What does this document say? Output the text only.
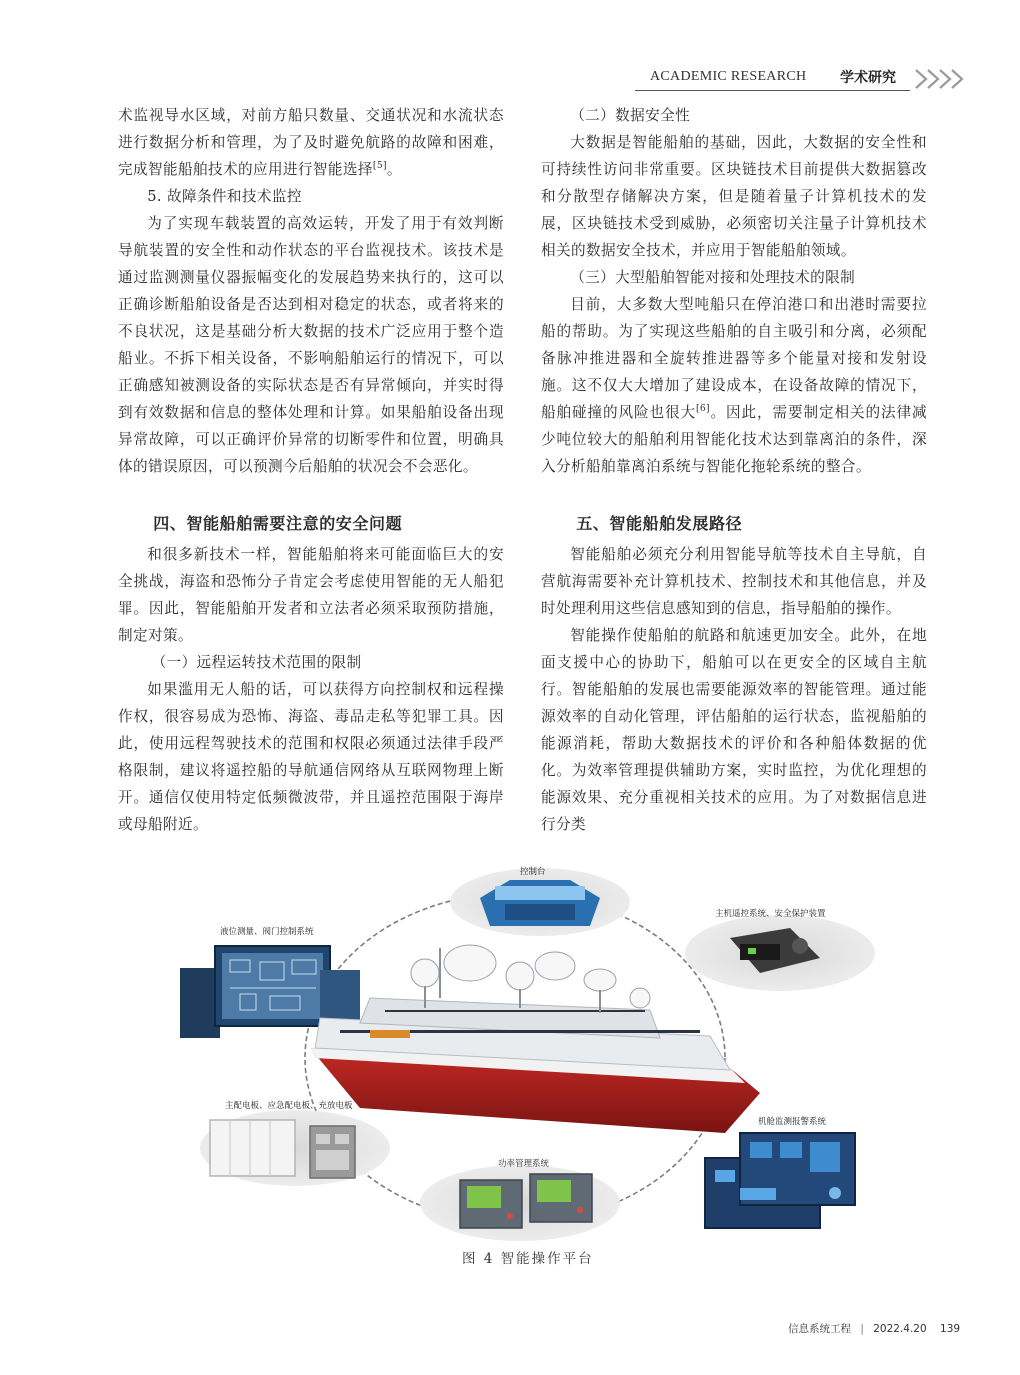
ACADEMIC RESEARCH 学术研究

术监视导水区域，对前方船只数量、交通状况和水流状态进行数据分析和管理，为了及时避免航路的故障和困难，完成智能船舶技术的应用进行智能选择[5]。

5. 故障条件和技术监控

为了实现车载装置的高效运转，开发了用于有效判断导航装置的安全性和动作状态的平台监视技术。该技术是通过监测测量仪器振幅变化的发展趋势来执行的，这可以正确诊断船舶设备是否达到相对稳定的状态，或者将来的不良状况，这是基础分析大数据的技术广泛应用于整个造船业。不拆下相关设备，不影响船舶运行的情况下，可以正确感知被测设备的实际状态是否有异常倾向，并实时得到有效数据和信息的整体处理和计算。如果船舶设备出现异常故障，可以正确评价异常的切断零件和位置，明确具体的错误原因，可以预测今后船舶的状况会不会恶化。

四、智能船舶需要注意的安全问题

和很多新技术一样，智能船舶将来可能面临巨大的安全挑战，海盗和恐怖分子肯定会考虑使用智能的无人船犯罪。因此，智能船舶开发者和立法者必须采取预防措施，制定对策。

（一）远程运转技术范围的限制

如果滥用无人船的话，可以获得方向控制权和远程操作权，很容易成为恐怖、海盗、毒品走私等犯罪工具。因此，使用远程驾驶技术的范围和权限必须通过法律手段严格限制，建议将遥控船的导航通信网络从互联网物理上断开。通信仅使用特定低频微波带，并且遥控范围限于海岸或母船附近。

（二）数据安全性

大数据是智能船舶的基础，因此，大数据的安全性和可持续性访问非常重要。区块链技术目前提供大数据篡改和分散型存储解决方案，但是随着量子计算机技术的发展，区块链技术受到威胁，必须密切关注量子计算机技术相关的数据安全技术，并应用于智能船舶领域。

（三）大型船舶智能对接和处理技术的限制

目前，大多数大型吨船只在停泊港口和出港时需要拉船的帮助。为了实现这些船舶的自主吸引和分离，必须配备脉冲推进器和全旋转推进器等多个能量对接和发射设施。这不仅大大增加了建设成本，在设备故障的情况下，船舶碰撞的风险也很大[6]。因此，需要制定相关的法律减少吨位较大的船舶利用智能化技术达到靠离泊的条件，深入分析船舶靠离泊系统与智能化拖轮系统的整合。

五、智能船舶发展路径

智能船舶必须充分利用智能导航等技术自主导航，自营航海需要补充计算机技术、控制技术和其他信息，并及时处理利用这些信息感知到的信息，指导船舶的操作。

智能操作使船舶的航路和航速更加安全。此外，在地面支援中心的协助下，船舶可以在更安全的区域自主航行。智能船舶的发展也需要能源效率的智能管理。通过能源效率的自动化管理，评估船舶的运行状态，监视船舶的能源消耗，帮助大数据技术的评价和各种船体数据的优化。为效率管理提供辅助方案，实时监控，为优化理想的能源效果、充分重视相关技术的应用。为了对数据信息进行分类

控制台
主机遥控系统、安全保护装置
液位测量、阀门控制系统
主配电板、应急配电板、充放电板
功率管理系统
机舱监测报警系统
图 4 智能操作平台
信息系统工程 | 2022.4.20 139
